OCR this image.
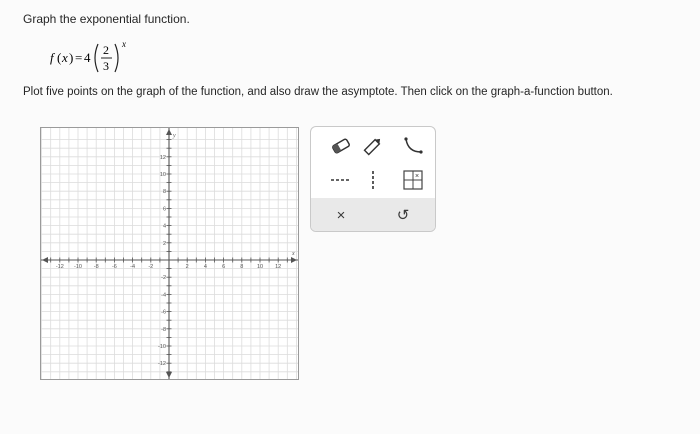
Graph the exponential function.
f ( x ) = 4 2
3
x

Plot five points on the graph of the function, and also draw the asymptote. Then click on the graph-a-function button.

-12 -10 -8 -6 -4 -2	2	4	6	8 10 12
12
10
8
6
4
2
-2
-4
-6
-8
-10
-12
x
y
×
×	↺
